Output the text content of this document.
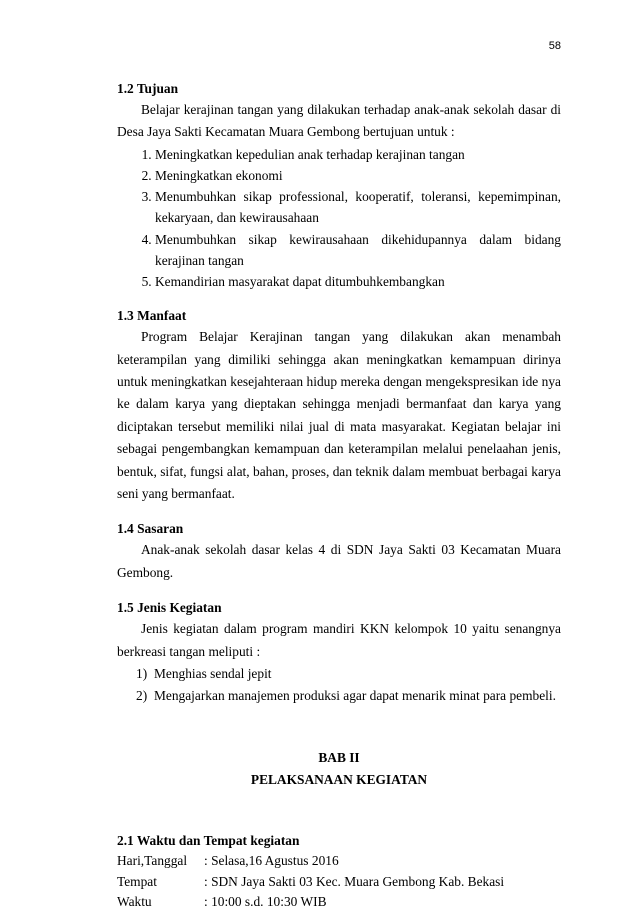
58

1.2 Tujuan

Belajar kerajinan tangan yang dilakukan terhadap anak-anak sekolah dasar di Desa Jaya Sakti Kecamatan Muara Gembong bertujuan untuk :

1. Meningkatkan kepedulian anak terhadap kerajinan tangan
2. Meningkatkan ekonomi
3. Menumbuhkan sikap professional, kooperatif, toleransi, kepemimpinan, kekaryaan, dan kewirausahaan
4. Menumbuhkan sikap kewirausahaan dikehidupannya dalam bidang kerajinan tangan
5. Kemandirian masyarakat dapat ditumbuhkembangkan

1.3 Manfaat

Program Belajar Kerajinan tangan yang dilakukan akan menambah keterampilan yang dimiliki sehingga akan meningkatkan kemampuan dirinya untuk meningkatkan kesejahteraan hidup mereka dengan mengekspresikan ide nya ke dalam karya yang dieptakan sehingga menjadi bermanfaat dan karya yang diciptakan tersebut memiliki nilai jual di mata masyarakat. Kegiatan belajar ini sebagai pengembangkan kemampuan dan keterampilan melalui penelaahan jenis, bentuk, sifat, fungsi alat, bahan, proses, dan teknik dalam membuat berbagai karya seni yang bermanfaat.

1.4 Sasaran

Anak-anak sekolah dasar kelas 4 di SDN Jaya Sakti 03 Kecamatan Muara Gembong.

1.5 Jenis Kegiatan

Jenis kegiatan dalam program mandiri KKN kelompok 10 yaitu senangnya berkreasi tangan meliputi :

1) Menghias sendal jepit
2) Mengajarkan manajemen produksi agar dapat menarik minat para pembeli.

BAB II

PELAKSANAAN KEGIATAN

2.1 Waktu dan Tempat kegiatan

Hari,Tanggal	: Selasa,16 Agustus 2016
Tempat	: SDN Jaya Sakti 03 Kec. Muara Gembong Kab. Bekasi
Waktu	: 10:00 s.d. 10:30 WIB
